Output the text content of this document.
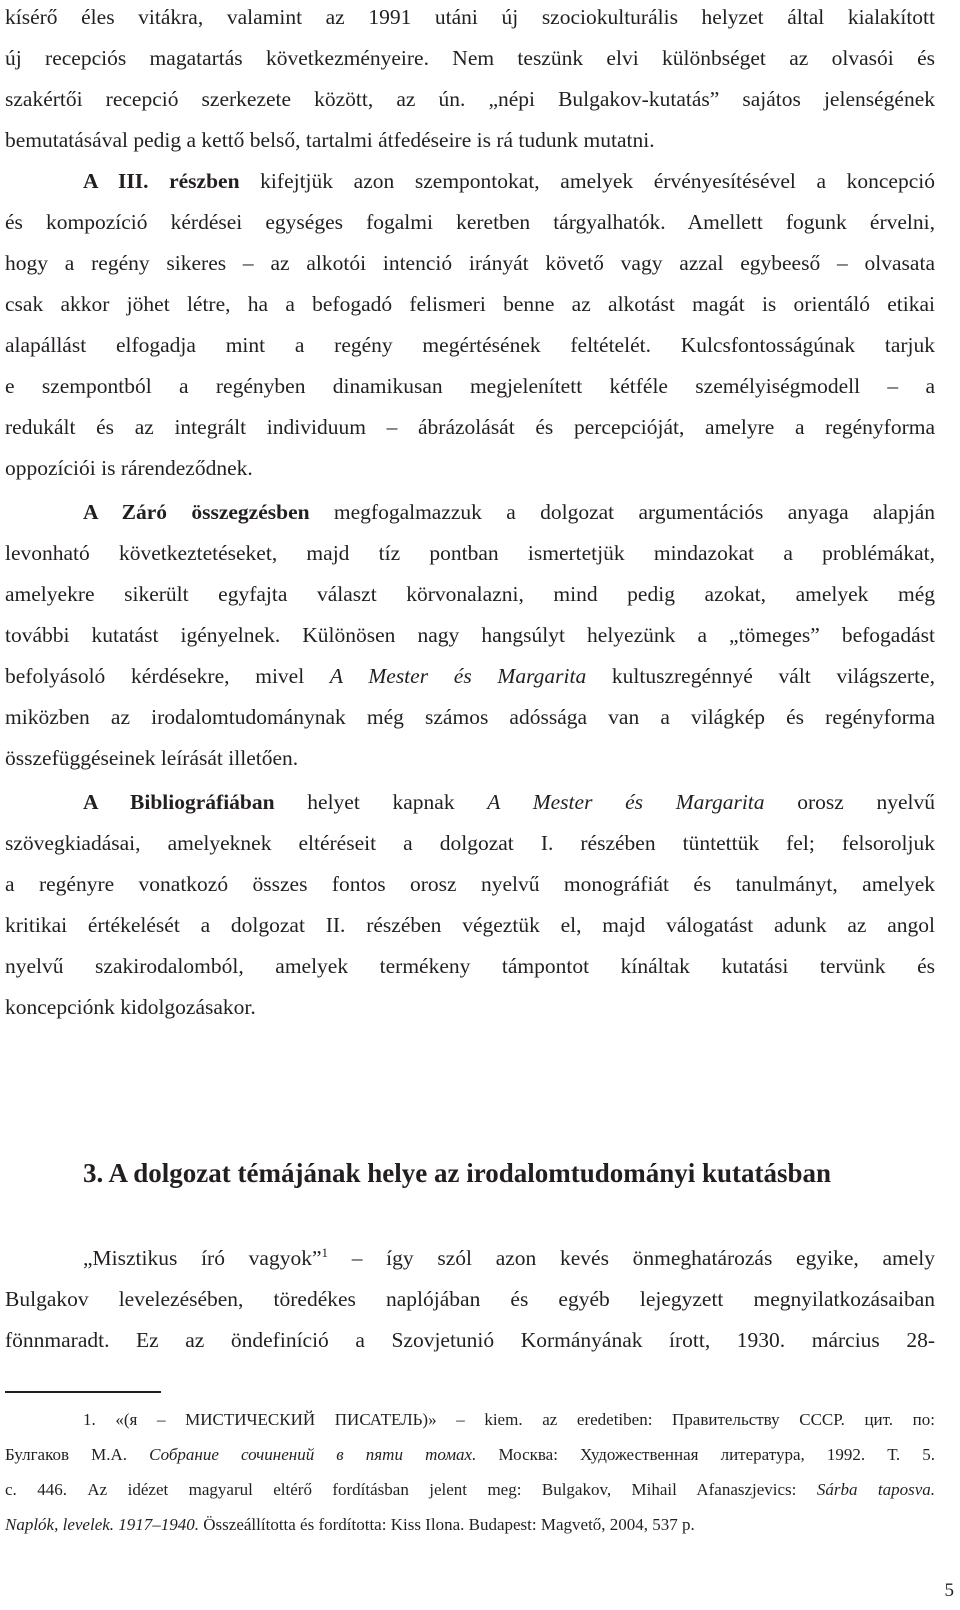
kísérő éles vitákra, valamint az 1991 utáni új szociokulturális helyzet által kialakított
új recepciós magatartás következményeire. Nem teszünk elvi különbséget az olvasói és
szakértői recepció szerkezete között, az ún. „népi Bulgakov-kutatás” sajátos jelenségének
bemutatásával pedig a kettő belső, tartalmi átfedéseire is rá tudunk mutatni.
A III. részben kifejtjük azon szempontokat, amelyek érvényesítésével a koncepció
és kompozíció kérdései egységes fogalmi keretben tárgyalhatók. Amellett fogunk érvelni,
hogy a regény sikeres – az alkotói intenció irányát követő vagy azzal egybeeső – olvasata
csak akkor jöhet létre, ha a befogadó felismeri benne az alkotást magát is orientáló etikai
alapállást elfogadja mint a regény megértésének feltételét. Kulcsfontosságúnak tarjuk
e szempontból a regényben dinamikusan megjelenített kétféle személyiségmodell – a
redukált és az integrált individuum – ábrázolását és percepcióját, amelyre a regényforma
oppozíciói is rárendeződnek.
A Záró összegzésben megfogalmazzuk a dolgozat argumentációs anyaga alapján
levonható következtetéseket, majd tíz pontban ismertetjük mindazokat a problémákat,
amelyekre sikerült egyfajta választ körvonalazni, mind pedig azokat, amelyek még
további kutatást igényelnek. Különösen nagy hangsúlyt helyezünk a „tömeges” befogadást
befolyásoló kérdésekre, mivel A Mester és Margarita kultuszregénnyé vált világszerte,
miközben az irodalomtudománynak még számos adóssága van a világkép és regényforma
összefüggéseinek leírását illetően.
A Bibliográfiában helyet kapnak A Mester és Margarita orosz nyelvű
szövegkiadásai, amelyeknek eltéréseit a dolgozat I. részében tüntettük fel; felsoroljuk
a regényre vonatkozó összes fontos orosz nyelvű monográfiát és tanulmányt, amelyek
kritikai értékelését a dolgozat II. részében végeztük el, majd válogatást adunk az angol
nyelvű szakirodalomból, amelyek termékeny támpontot kínáltak kutatási tervünk és
koncepciónk kidolgozásakor.
3. A dolgozat témájának helye az irodalomtudományi kutatásban
„Misztikus író vagyok”$^1$ – így szól azon kevés önmeghatározás egyike, amely
Bulgakov levelezésében, töredékes naplójában és egyéb lejegyzett megnyilatkozásaiban
fönnmaradt. Ez az öndefiníció a Szovjetunió Kormányának írott, 1930. március 28-
1. «(я – МИСТИЧЕСКИЙ ПИСАТЕЛЬ)» – kiem. az eredetiben: Правительству СССР. цит. по:
Булгаков М.А. Собрание сочинений в пяти томах. Москва: Художественная литература, 1992. Т. 5.
с. 446. Az idézet magyarul eltérő fordításban jelent meg: Bulgakov, Mihail Afanaszjevics: Sárba taposva.
Naplók, levelek. 1917–1940. Összeállította és fordította: Kiss Ilona. Budapest: Magvető, 2004, 537 p.
5
